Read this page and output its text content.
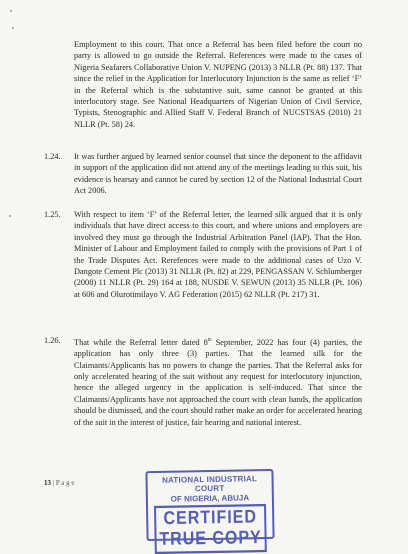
Employment to this court. That once a Referral has been filed before the court no party is allowed to go outside the Referral. References were made to the cases of Nigeria Seafarers Collaborative Union V. NUPENG (2013) 3 NLLR (Pt. 88) 137. That since the relief in the Application for Interlocutory Injunction is the same as relief ‘F’ in the Referral which is the substantive suit, same cannot be granted at this interlocutory stage. See National Headquarters of Nigerian Union of Civil Service, Typists, Stenographic and Allied Staff V. Federal Branch of NUCSTSAS (2010) 21 NLLR (Pt. 58) 24.
1.24. It was further argued by learned senior counsel that since the deponent to the affidavit in support of the application did not attend any of the meetings leading to this suit, his evidence is hearsay and cannot be cured by section 12 of the National Industrial Court Act 2006.
1.25. With respect to item ‘F’ of the Referral letter, the learned silk argued that it is only individuals that have direct access to this court, and where unions and employers are involved they must go through the Industrial Arbitration Panel (IAP). That the Hon. Minister of Labour and Employment failed to comply with the provisions of Part 1 of the Trade Disputes Act. Rerefences were made to the additional cases of Uzo V. Dangote Cement Plc (2013) 31 NLLR (Pt. 82) at 229, PENGASSAN V. Schlumberger (2008) 11 NLLR (Pt. 29) 164 at 188, NUSDE V. SEWUN (2013) 35 NLLR (Pt. 106) at 606 and Olurotimilayo V. AG Federation (2015) 62 NLLR (Pt. 217) 31.
1.26. That while the Referral letter dated 8th September, 2022 has four (4) parties, the application has only three (3) parties. That the learned silk for the Claimants/Applicants has no powers to change the parties. That the Referral asks for only accelerated hearing of the suit without any request for interlocutory injunction, hence the alleged urgency in the application is self-induced. That since the Claimants/Applicants have not approached the court with clean hands, the application should be dismissed, and the court should rather make an order for accelerated hearing of the suit in the interest of justice, fair hearing and national interest.
13 | P a g e	NATIONAL INDUSTRIAL COURT
OF NIGERIA, ABUJA
CERTIFIED TRUE COPY
